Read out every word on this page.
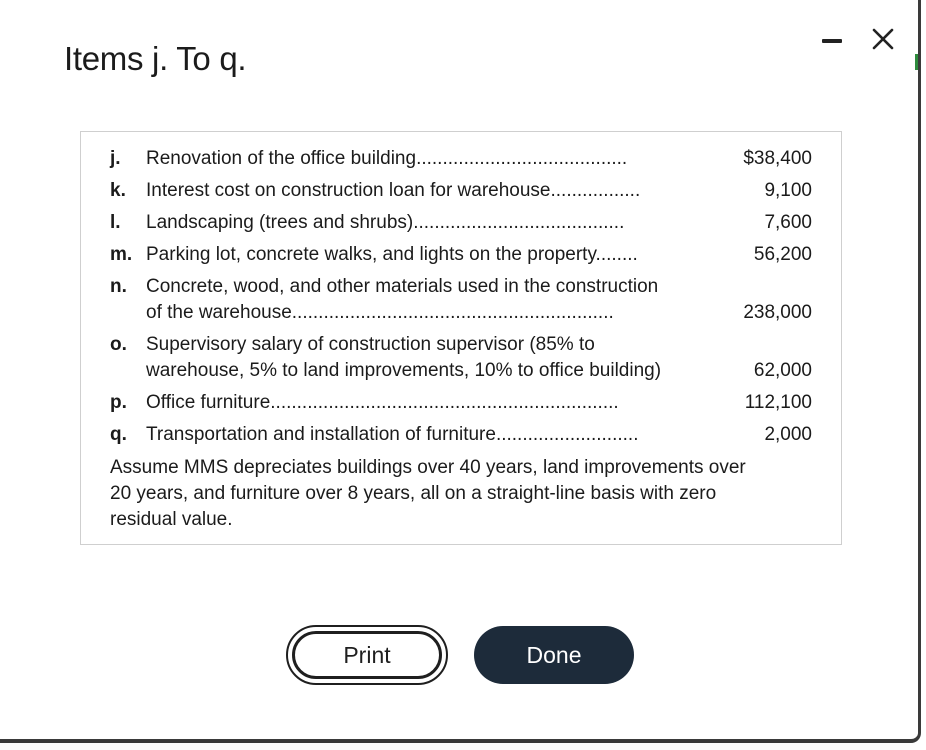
Items j. To q.
j. Renovation of the office building........................................	$38,400
k. Interest cost on construction loan for warehouse.................	9,100
l. Landscaping (trees and shrubs)........................................	7,600
m. Parking lot, concrete walks, and lights on the property........	56,200
n. Concrete, wood, and other materials used in the construction
of the warehouse.............................................................	238,000
o. Supervisory salary of construction supervisor (85% to
warehouse, 5% to land improvements, 10% to office building)	62,000
p. Office furniture..................................................................	112,100
q. Transportation and installation of furniture...........................	2,000
Assume MMS depreciates buildings over 40 years, land improvements over
20 years, and furniture over 8 years, all on a straight-line basis with zero
residual value.
Print	Done
